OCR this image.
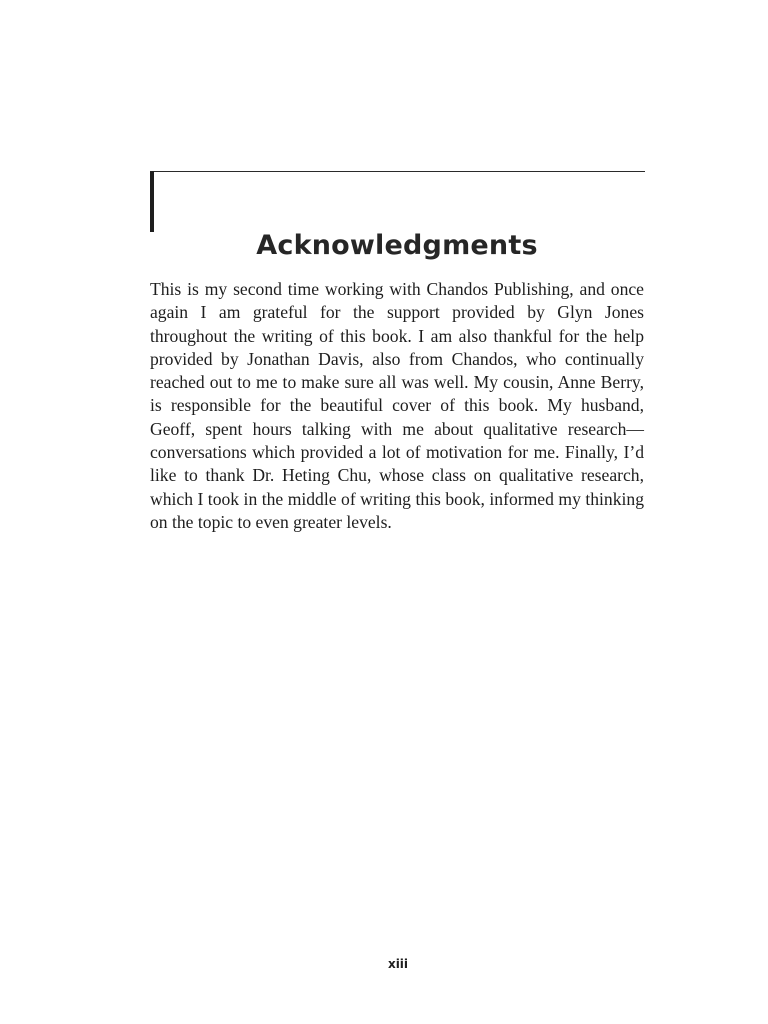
Acknowledgments

This is my second time working with Chandos Publishing, and once again I am grateful for the support provided by Glyn Jones throughout the writing of this book. I am also thankful for the help provided by Jonathan Davis, also from Chandos, who continually reached out to me to make sure all was well. My cousin, Anne Berry, is responsible for the beautiful cover of this book. My husband, Geoff, spent hours talking with me about qualitative research—conversations which provided a lot of motivation for me. Finally, I’d like to thank Dr. Heting Chu, whose class on qualitative research, which I took in the middle of writing this book, informed my thinking on the topic to even greater levels.

xiii
